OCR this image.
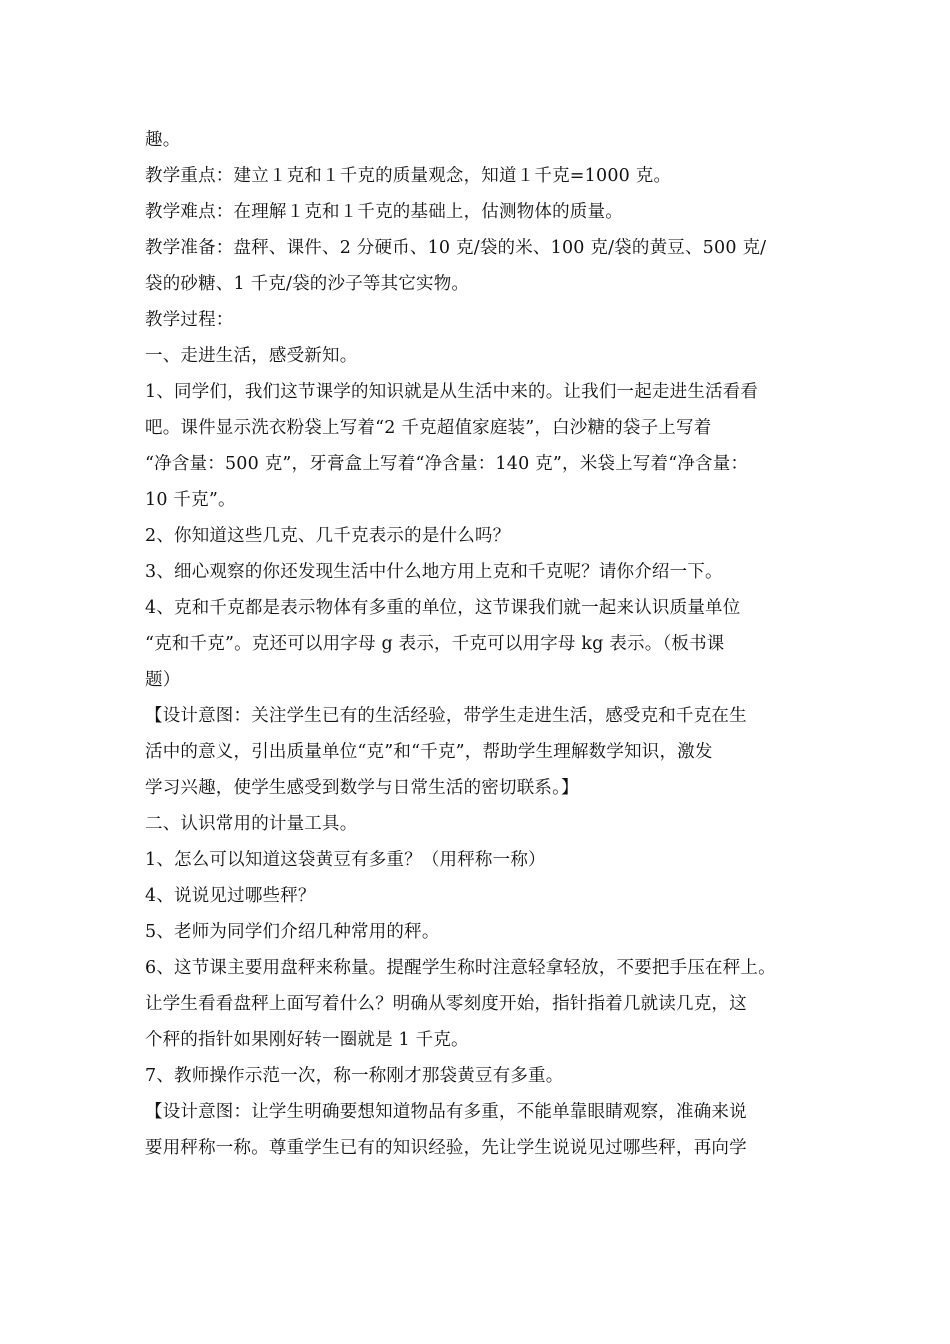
趣。
教学重点：建立１克和１千克的质量观念，知道１千克=1000 克。
教学难点：在理解１克和１千克的基础上，估测物体的质量。
教学准备：盘秤、课件、2 分硬币、10 克/袋的米、100 克/袋的黄豆、500 克/
袋的砂糖、1 千克/袋的沙子等其它实物。
教学过程：
一、走进生活，感受新知。
1、同学们，我们这节课学的知识就是从生活中来的。让我们一起走进生活看看
吧。课件显示洗衣粉袋上写着“2 千克超值家庭装”，白沙糖的袋子上写着
“净含量：500 克”，牙膏盒上写着“净含量：140 克”，米袋上写着“净含量：
10 千克”。
2、你知道这些几克、几千克表示的是什么吗？
3、细心观察的你还发现生活中什么地方用上克和千克呢？请你介绍一下。
4、克和千克都是表示物体有多重的单位，这节课我们就一起来认识质量单位
“克和千克”。克还可以用字母 g 表示，千克可以用字母 kg 表示。（板书课
题）
【设计意图：关注学生已有的生活经验，带学生走进生活，感受克和千克在生
活中的意义，引出质量单位“克”和“千克”，帮助学生理解数学知识，激发
学习兴趣，使学生感受到数学与日常生活的密切联系。】
二、认识常用的计量工具。
1、怎么可以知道这袋黄豆有多重？（用秤称一称）
4、说说见过哪些秤？
5、老师为同学们介绍几种常用的秤。
6、这节课主要用盘秤来称量。提醒学生称时注意轻拿轻放，不要把手压在秤上。
让学生看看盘秤上面写着什么？明确从零刻度开始，指针指着几就读几克，这
个秤的指针如果刚好转一圈就是 1 千克。
7、教师操作示范一次，称一称刚才那袋黄豆有多重。
【设计意图：让学生明确要想知道物品有多重，不能单靠眼睛观察，准确来说
要用秤称一称。尊重学生已有的知识经验，先让学生说说见过哪些秤，再向学
